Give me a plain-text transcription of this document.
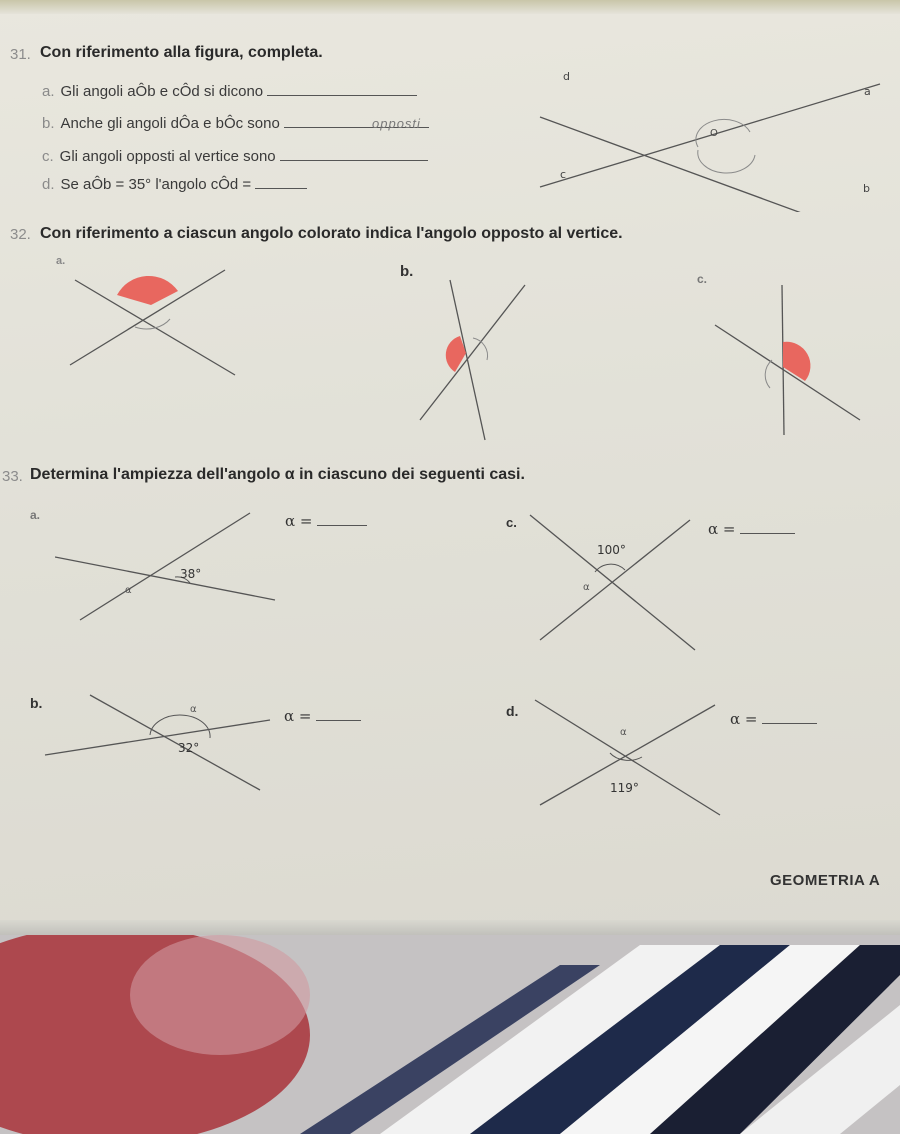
31. Con riferimento alla figura, completa.
a. Gli angoli aÔb e cÔd si dicono
b. Anche gli angoli dÔa e bÔc sono	opposti
c. Gli angoli opposti al vertice sono
d. Se aÔb = 35° l'angolo cÔd =
d
a
O
c
b
32. Con riferimento a ciascun angolo colorato indica l'angolo opposto al vertice.
a.
b.	c.
33. Determina l'ampiezza dell'angolo α in ciascuno dei seguenti casi.
a.	α =
38°
α
c.	α =
100°
α
b.
α =
32°
α	d.	α =
119°
α
GEOMETRIA A
